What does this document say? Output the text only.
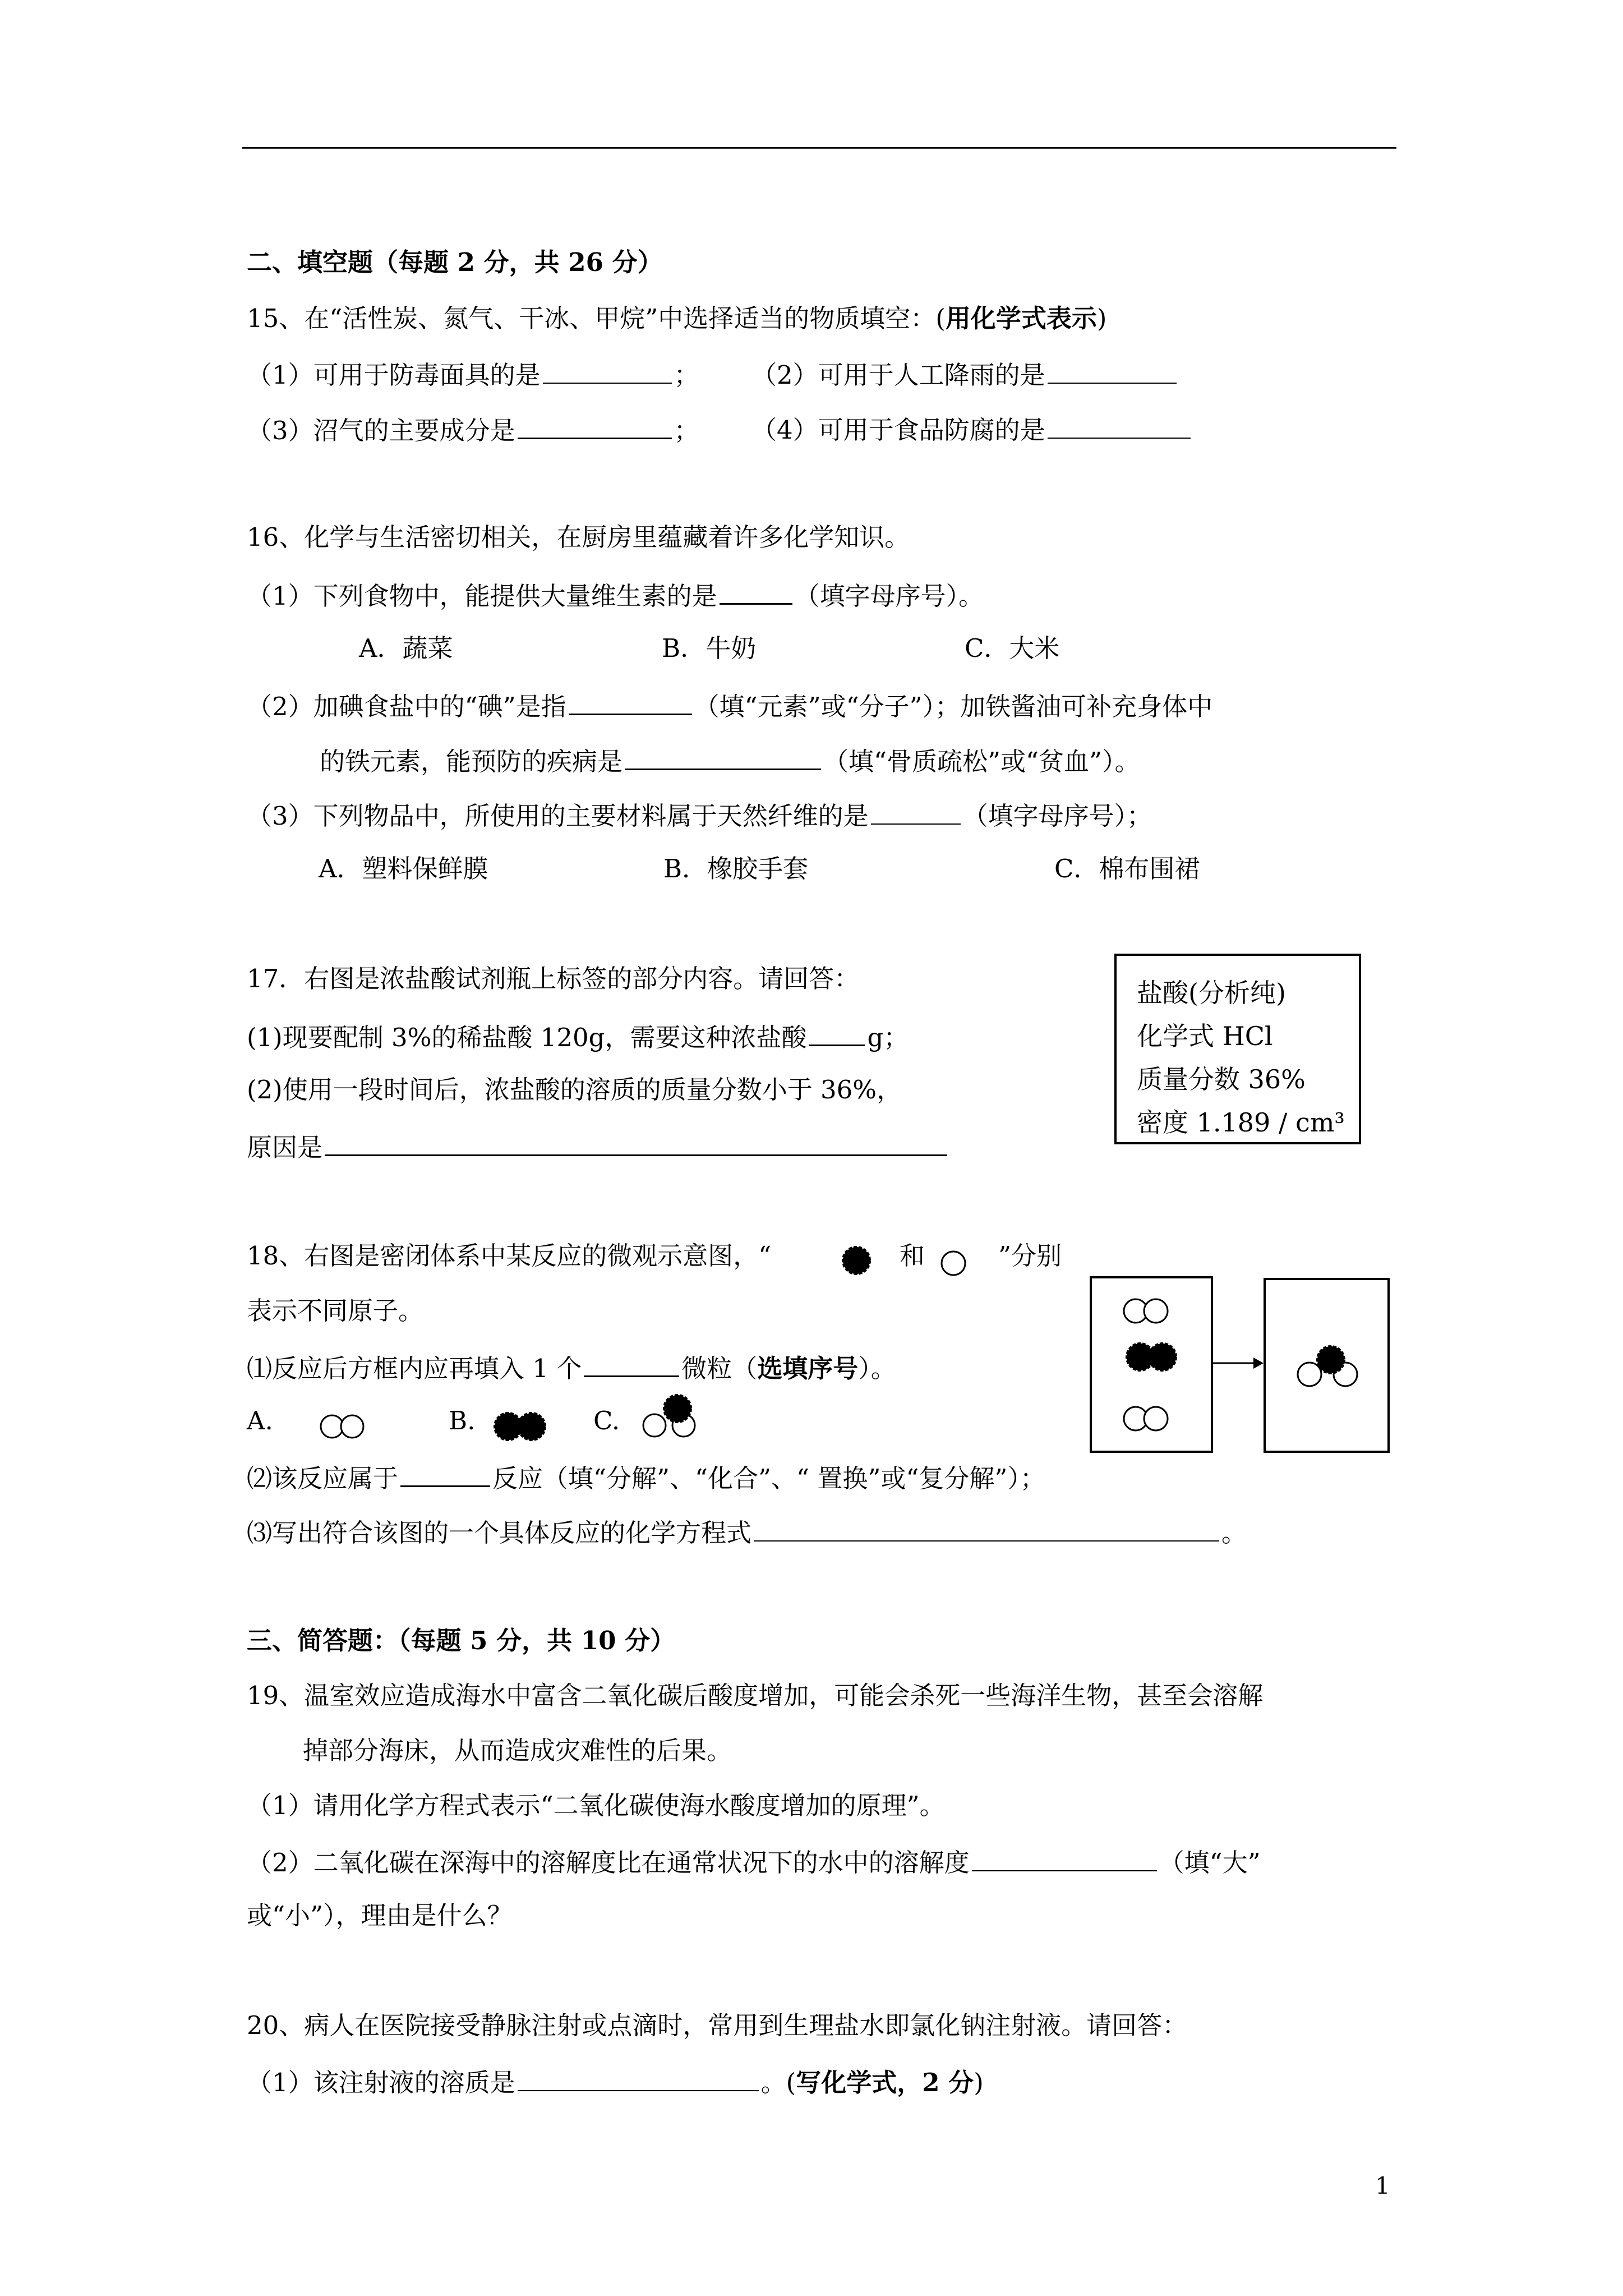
二、填空题（每题 2 分，共 26 分）
15、在“活性炭、氮气、干冰、甲烷”中选择适当的物质填空：(用化学式表示)
（1）可用于防毒面具的是	； （2）可用于人工降雨的是
（3）沼气的主要成分是	； （4）可用于食品防腐的是
16、化学与生活密切相关，在厨房里蕴藏着许多化学知识。
（1）下列食物中，能提供大量维生素的是	（填字母序号）。
A．蔬菜	B．牛奶	C．大米
（2）加碘食盐中的“碘”是指	（填“元素”或“分子”）；加铁酱油可补充身体中
的铁元素，能预防的疾病是	（填“骨质疏松”或“贫血”）。
（3）下列物品中，所使用的主要材料属于天然纤维的是	（填字母序号）；
A．塑料保鲜膜	B．橡胶手套	C．棉布围裙
17．右图是浓盐酸试剂瓶上标签的部分内容。请回答：
(1)现要配制 3%的稀盐酸 120g，需要这种浓盐酸 g；
(2)使用一段时间后，浓盐酸的溶质的质量分数小于 36%，
原因是
盐酸(分析纯)
化学式 HCl
质量分数 36%
密度 1.189 / cm³
18、右图是密闭体系中某反应的微观示意图，“	和	”分别
表示不同原子。
⑴反应后方框内应再填入 1 个	微粒（选填序号）。
A.	B.	C.
⑵该反应属于	反应（填“分解”、“化合”、“ 置换”或“复分解”）；
⑶写出符合该图的一个具体反应的化学方程式	。
三、简答题：（每题 5 分，共 10 分）
19、温室效应造成海水中富含二氧化碳后酸度增加，可能会杀死一些海洋生物，甚至会溶解
掉部分海床，从而造成灾难性的后果。
（1）请用化学方程式表示“二氧化碳使海水酸度增加的原理”。
（2）二氧化碳在深海中的溶解度比在通常状况下的水中的溶解度	（填“大”
或“小”），理由是什么？
20、病人在医院接受静脉注射或点滴时，常用到生理盐水即氯化钠注射液。请回答：
（1）该注射液的溶质是	。(写化学式，2 分)
1
